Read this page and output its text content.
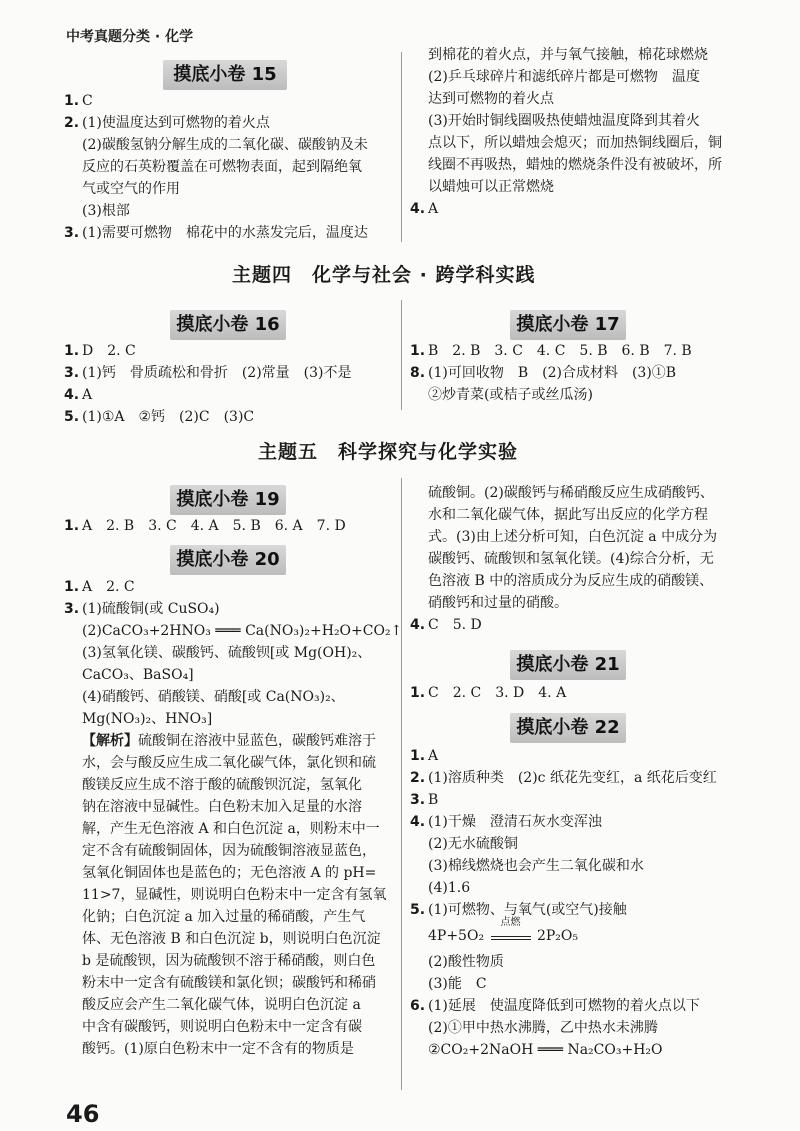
中考真题分类 · 化学
摸底小卷 15
1. C
2. (1)使温度达到可燃物的着火点
(2)碳酸氢钠分解生成的二氧化碳、碳酸钠及未
反应的石英粉覆盖在可燃物表面，起到隔绝氧
气或空气的作用
(3)根部
3. (1)需要可燃物　棉花中的水蒸发完后，温度达
到棉花的着火点，并与氧气接触，棉花球燃烧
(2)乒乓球碎片和滤纸碎片都是可燃物　温度
达到可燃物的着火点
(3)开始时铜线圈吸热使蜡烛温度降到其着火
点以下，所以蜡烛会熄灭；而加热铜线圈后，铜
线圈不再吸热，蜡烛的燃烧条件没有被破坏，所
以蜡烛可以正常燃烧
4. A
主题四　化学与社会 · 跨学科实践
摸底小卷 16	摸底小卷 17
1. D　2. C
3. (1)钙　骨质疏松和骨折　(2)常量　(3)不是
4. A
5. (1)①A　②钙　(2)C　(3)C
1. B　2. B　3. C　4. C　5. B　6. B　7. B
8. (1)可回收物　B　(2)合成材料　(3)①B
②炒青菜(或桔子或丝瓜汤)
主题五　科学探究与化学实验
摸底小卷 19
1. A　2. B　3. C　4. A　5. B　6. A　7. D
摸底小卷 20
1. A　2. C
3. (1)硫酸铜(或 CuSO₄)
(2)CaCO₃+2HNO₃ ═══ Ca(NO₃)₂+H₂O+CO₂↑
(3)氢氧化镁、碳酸钙、硫酸钡[或 Mg(OH)₂、
CaCO₃、BaSO₄]
(4)硝酸钙、硝酸镁、硝酸[或 Ca(NO₃)₂、
Mg(NO₃)₂、HNO₃]
【解析】硫酸铜在溶液中显蓝色，碳酸钙难溶于
水，会与酸反应生成二氧化碳气体，氯化钡和硫
酸镁反应生成不溶于酸的硫酸钡沉淀，氢氧化
钠在溶液中显碱性。白色粉末加入足量的水溶
解，产生无色溶液 A 和白色沉淀 a，则粉末中一
定不含有硫酸铜固体，因为硫酸铜溶液显蓝色，
氢氧化铜固体也是蓝色的；无色溶液 A 的 pH=
11>7，显碱性，则说明白色粉末中一定含有氢氧
化钠；白色沉淀 a 加入过量的稀硝酸，产生气
体、无色溶液 B 和白色沉淀 b，则说明白色沉淀
b 是硫酸钡，因为硫酸钡不溶于稀硝酸，则白色
粉末中一定含有硫酸镁和氯化钡；碳酸钙和稀硝
酸反应会产生二氧化碳气体，说明白色沉淀 a
中含有碳酸钙，则说明白色粉末中一定含有碳
酸钙。(1)原白色粉末中一定不含有的物质是
硫酸铜。(2)碳酸钙与稀硝酸反应生成硝酸钙、
水和二氧化碳气体，据此写出反应的化学方程
式。(3)由上述分析可知，白色沉淀 a 中成分为
碳酸钙、硫酸钡和氢氧化镁。(4)综合分析，无
色溶液 B 中的溶质成分为反应生成的硝酸镁、
硝酸钙和过量的硝酸。
4. C　5. D
摸底小卷 21
1. C　2. C　3. D　4. A
摸底小卷 22
1. A
2. (1)溶质种类　(2)c 纸花先变红，a 纸花后变红
3. B
4. (1)干燥　澄清石灰水变浑浊
(2)无水硫酸铜
(3)棉线燃烧也会产生二氧化碳和水
(4)1.6
5. (1)可燃物、与氧气(或空气)接触
4P+5O₂
点燃
2P₂O₅
(2)酸性物质
(3)能　C
6. (1)延展　使温度降低到可燃物的着火点以下
(2)①甲中热水沸腾，乙中热水未沸腾
②CO₂+2NaOH ═══ Na₂CO₃+H₂O
46
